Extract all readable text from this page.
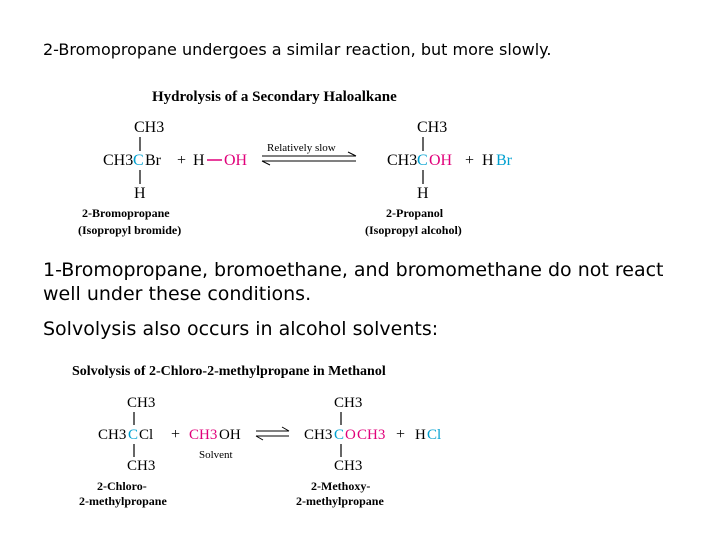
2-Bromopropane undergoes a similar reaction, but more slowly.
Hydrolysis of a Secondary Haloalkane
CH3
CH3 C Br
H
2-Bromopropane
(Isopropyl bromide)
+ H OH
Relatively slow
CH3
CH3 C OH
H
2-Propanol
(Isopropyl alcohol)
+ H Br
1-Bromopropane, bromoethane, and bromomethane do not react
well under these conditions.
Solvolysis also occurs in alcohol solvents:
Solvolysis of 2-Chloro-2-methylpropane in Methanol
CH3
CH3 C Cl
CH3
2-Chloro-
2-methylpropane
+ CH3 OH
Solvent
CH3
CH3 C O CH3
CH3
2-Methoxy-
2-methylpropane
+ H Cl
